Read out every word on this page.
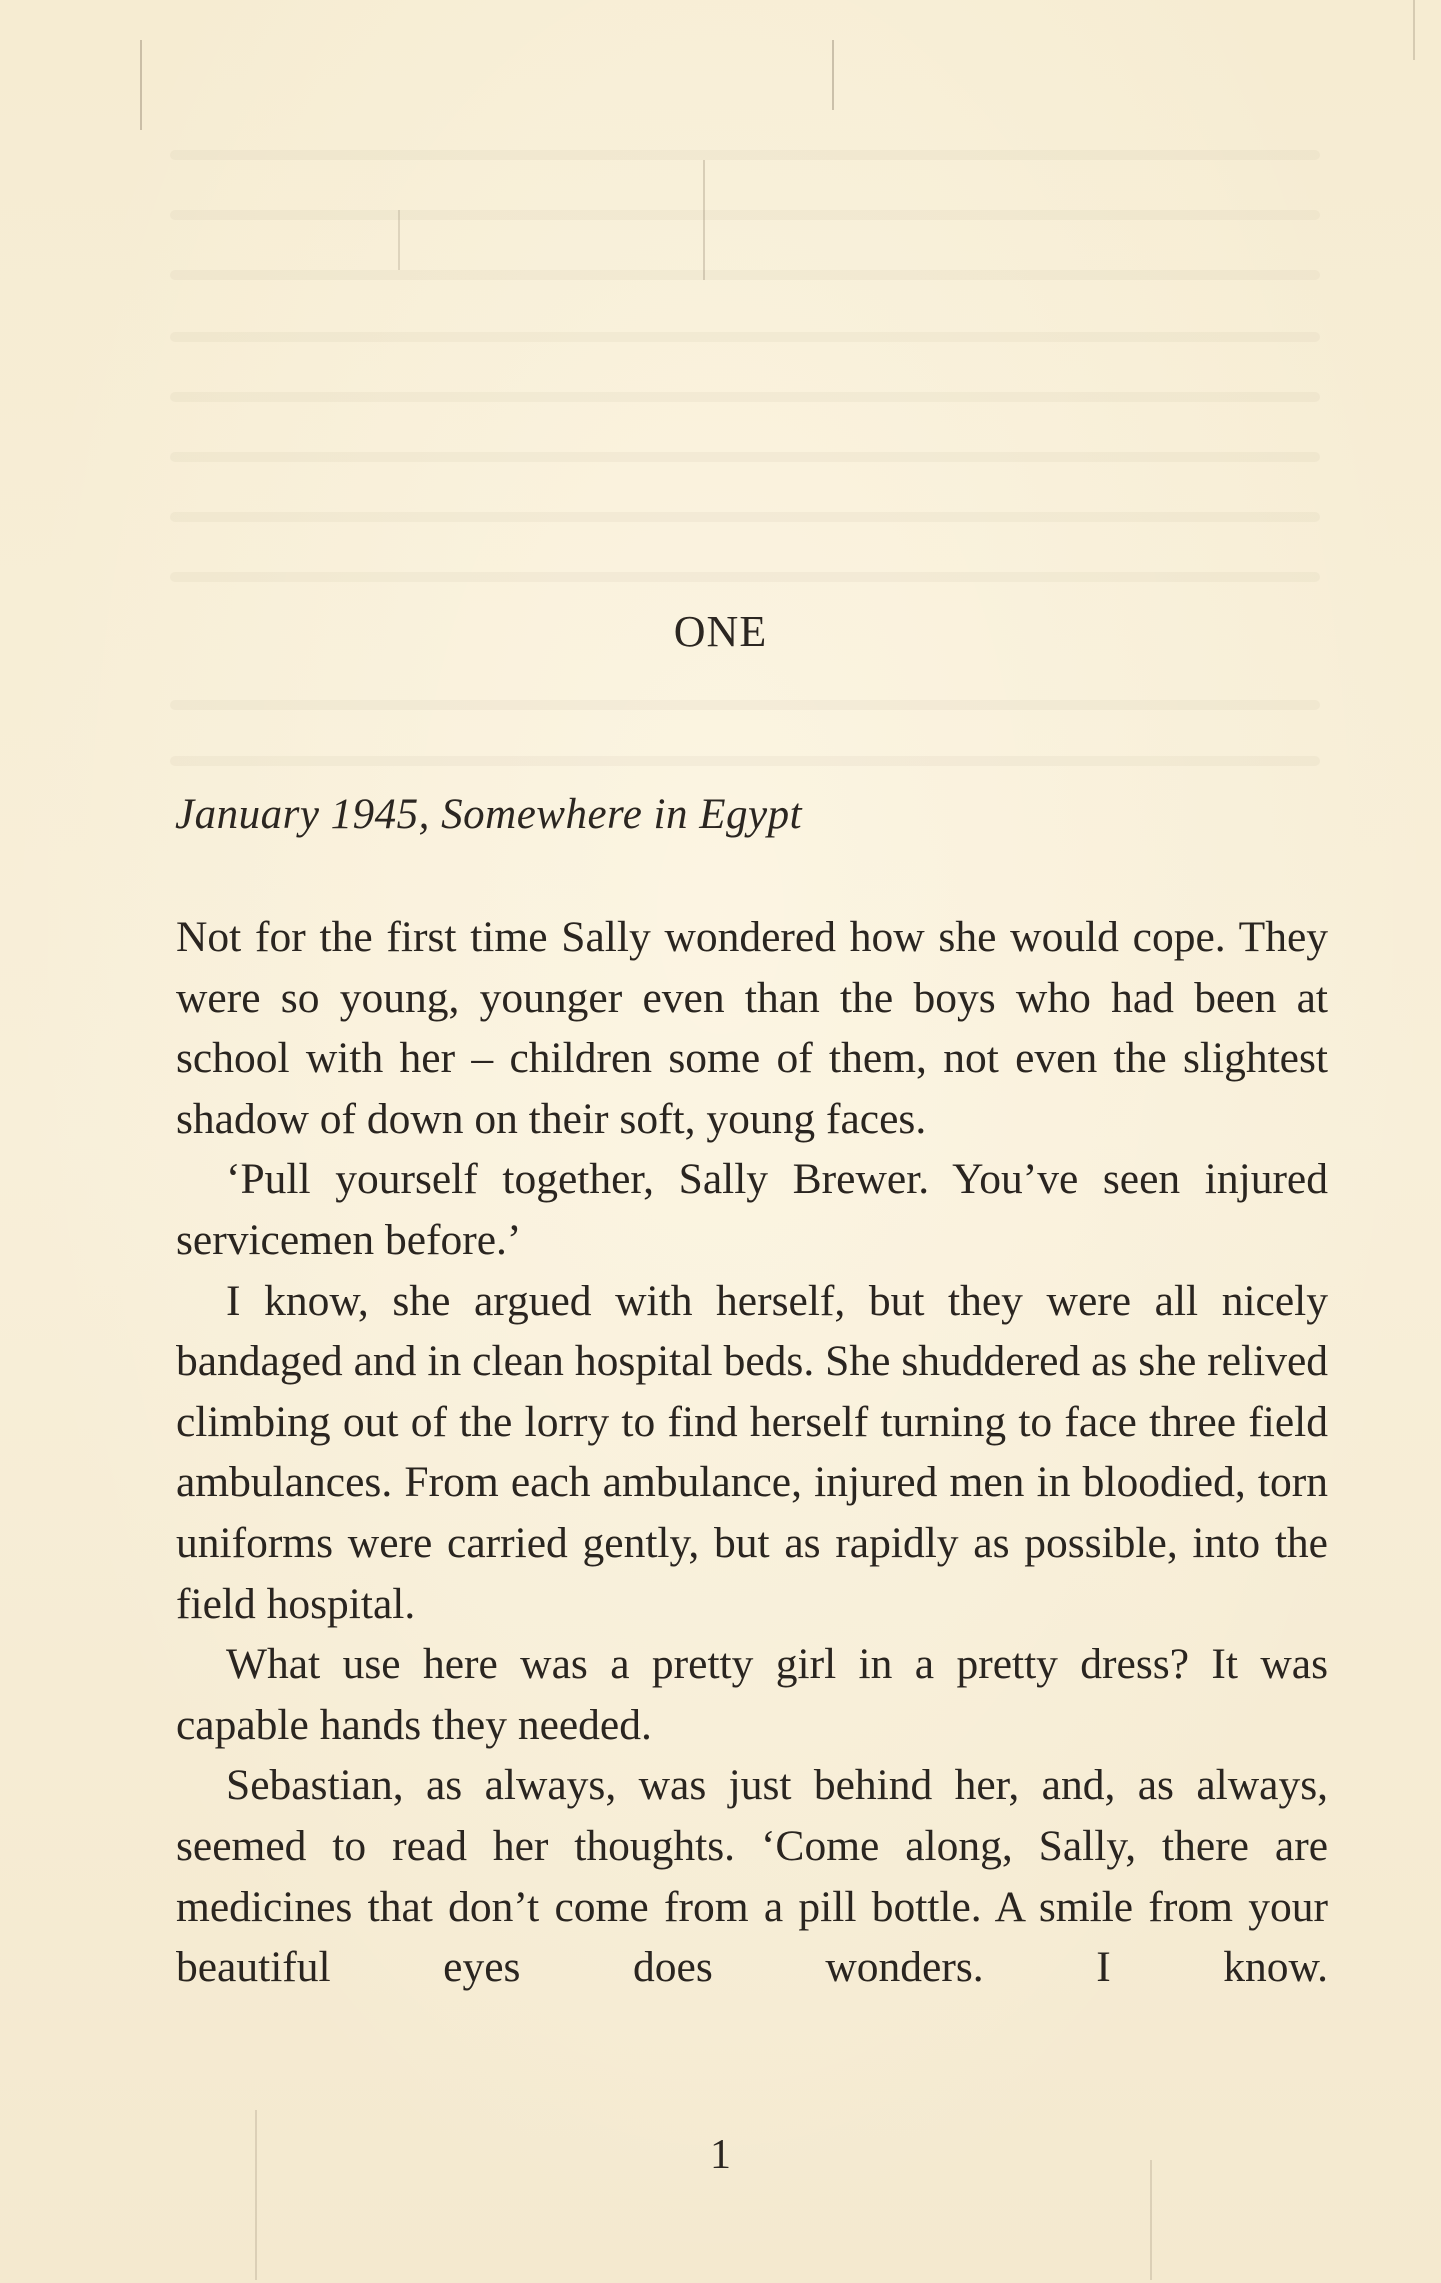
ONE
January 1945, Somewhere in Egypt

Not for the first time Sally wondered how she would cope. They were so young, younger even than the boys who had been at school with her – children some of them, not even the slightest shadow of down on their soft, young faces.

‘Pull yourself together, Sally Brewer. You’ve seen injured servicemen before.’

I know, she argued with herself, but they were all nicely bandaged and in clean hospital beds. She shuddered as she relived climbing out of the lorry to find herself turning to face three field ambulances. From each ambulance, injured men in bloodied, torn uniforms were carried gently, but as rapidly as possible, into the field hospital.

What use here was a pretty girl in a pretty dress? It was capable hands they needed.

Sebastian, as always, was just behind her, and, as always, seemed to read her thoughts. ‘Come along, Sally, there are medicines that don’t come from a pill bottle. A smile from your beautiful eyes does wonders. I know.

1
